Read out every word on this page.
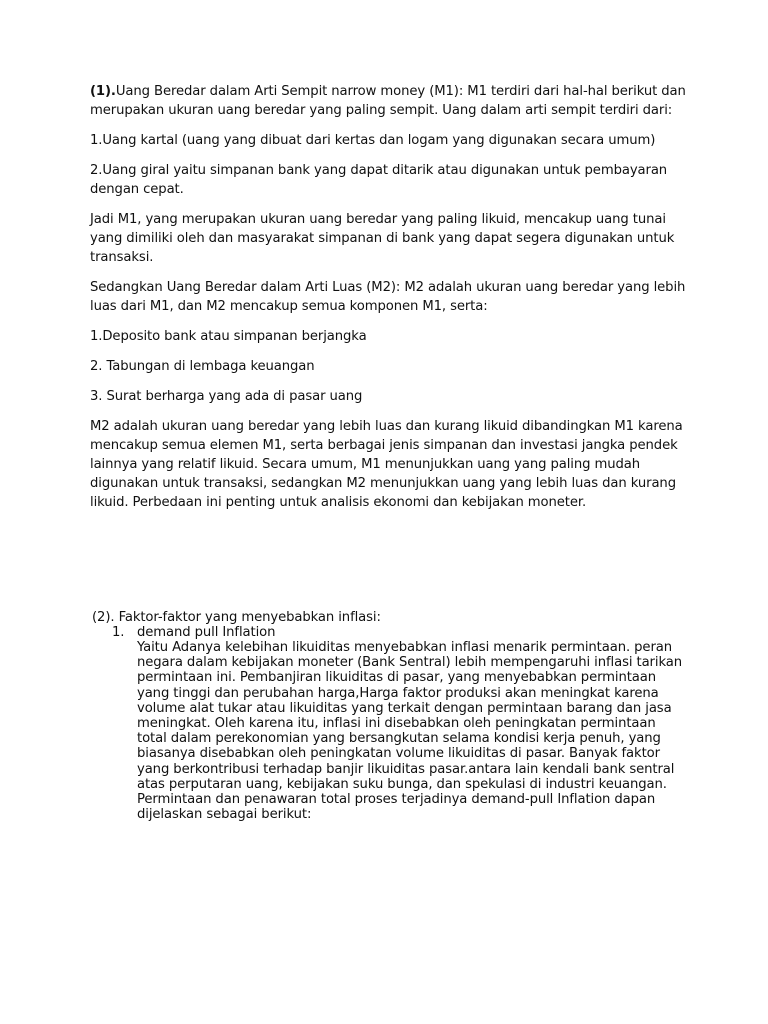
(1).Uang Beredar dalam Arti Sempit narrow money (M1): M1 terdiri dari hal-hal berikut dan merupakan ukuran uang beredar yang paling sempit. Uang dalam arti sempit terdiri dari:

1.Uang kartal (uang yang dibuat dari kertas dan logam yang digunakan secara umum)

2.Uang giral yaitu simpanan bank yang dapat ditarik atau digunakan untuk pembayaran dengan cepat.

Jadi M1, yang merupakan ukuran uang beredar yang paling likuid, mencakup uang tunai yang dimiliki oleh dan masyarakat simpanan di bank yang dapat segera digunakan untuk transaksi.

Sedangkan Uang Beredar dalam Arti Luas (M2): M2 adalah ukuran uang beredar yang lebih luas dari M1, dan M2 mencakup semua komponen M1, serta:

1.Deposito bank atau simpanan berjangka

2. Tabungan di lembaga keuangan

3. Surat berharga yang ada di pasar uang

M2 adalah ukuran uang beredar yang lebih luas dan kurang likuid dibandingkan M1 karena mencakup semua elemen M1, serta berbagai jenis simpanan dan investasi jangka pendek lainnya yang relatif likuid. Secara umum, M1 menunjukkan uang yang paling mudah digunakan untuk transaksi, sedangkan M2 menunjukkan uang yang lebih luas dan kurang likuid. Perbedaan ini penting untuk analisis ekonomi dan kebijakan moneter.

(2). Faktor-faktor yang menyebabkan inflasi:

1. demand pull Inflation

Yaitu Adanya kelebihan likuiditas menyebabkan inflasi menarik permintaan. peran negara dalam kebijakan moneter (Bank Sentral) lebih mempengaruhi inflasi tarikan permintaan ini. Pembanjiran likuiditas di pasar, yang menyebabkan permintaan yang tinggi dan perubahan harga,Harga faktor produksi akan meningkat karena volume alat tukar atau likuiditas yang terkait dengan permintaan barang dan jasa meningkat. Oleh karena itu, inflasi ini disebabkan oleh peningkatan permintaan total dalam perekonomian yang bersangkutan selama kondisi kerja penuh, yang biasanya disebabkan oleh peningkatan volume likuiditas di pasar. Banyak faktor yang berkontribusi terhadap banjir likuiditas pasar.antara lain kendali bank sentral atas perputaran uang, kebijakan suku bunga, dan spekulasi di industri keuangan. Permintaan dan penawaran total proses terjadinya demand-pull Inflation dapan dijelaskan sebagai berikut:
